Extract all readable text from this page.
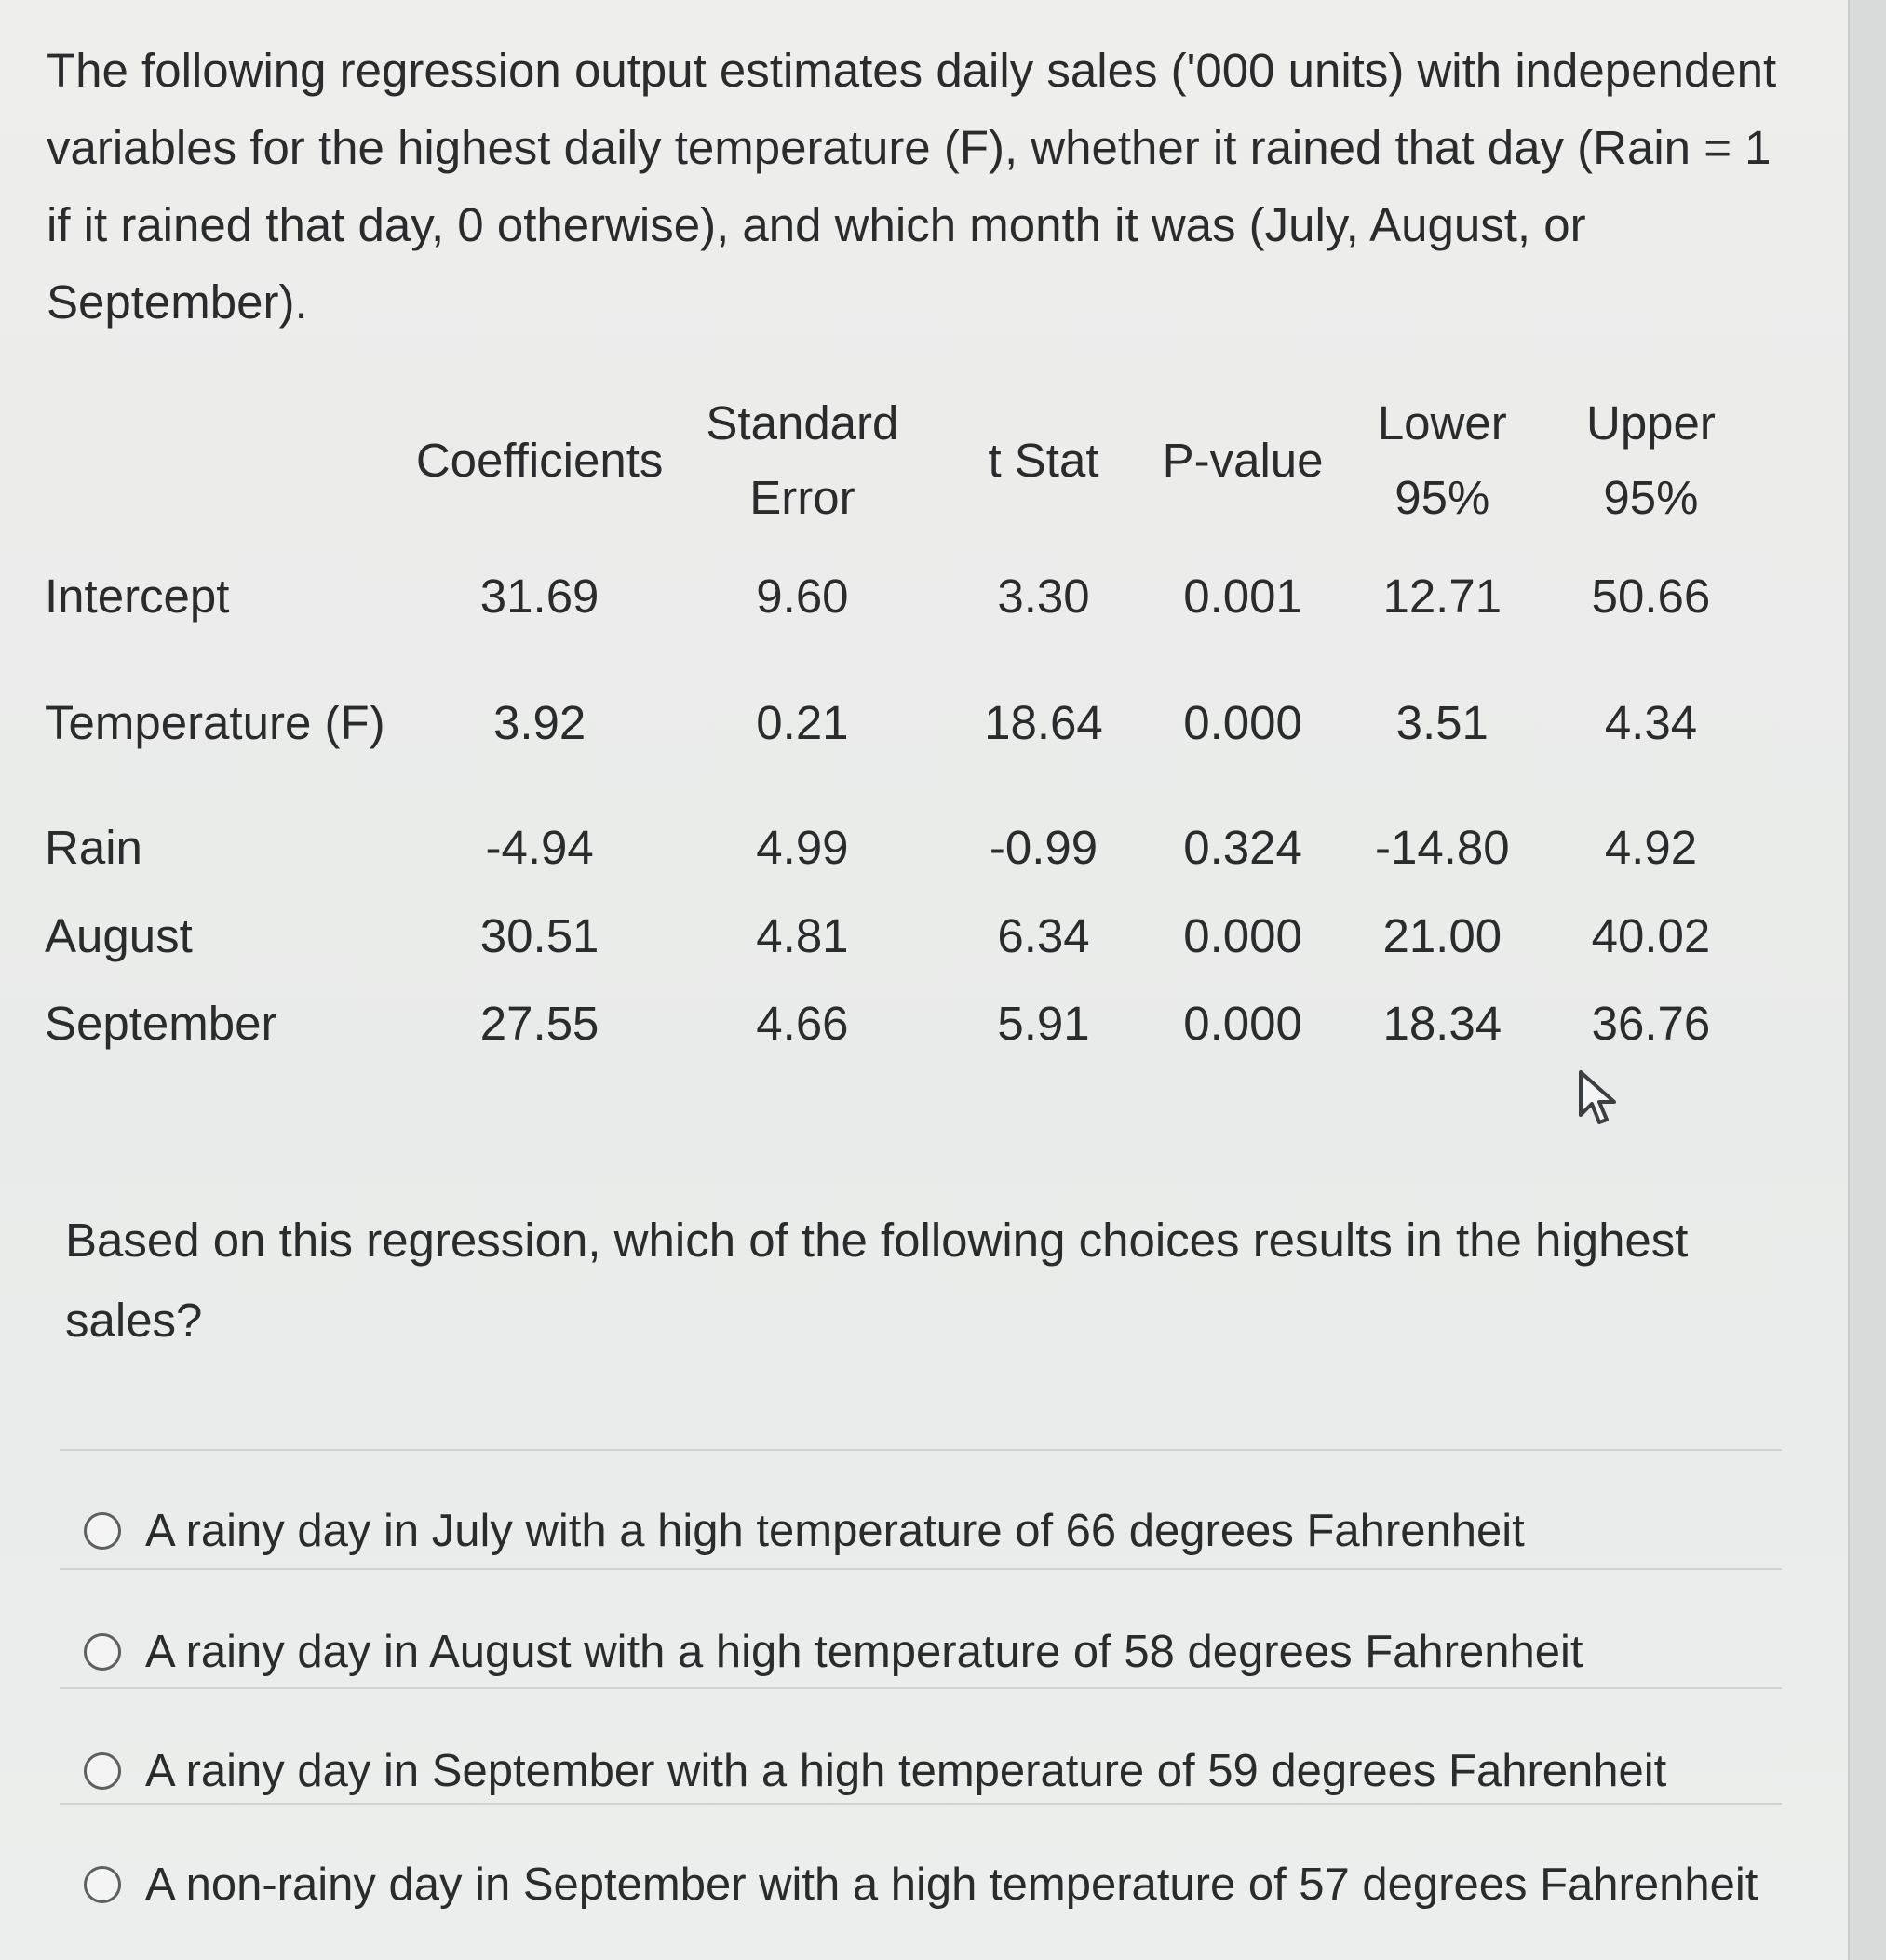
The following regression output estimates daily sales ('000 units) with independent variables for the highest daily temperature (F), whether it rained that day (Rain = 1 if it rained that day, 0 otherwise), and which month it was (July, August, or September).

	Coefficients	Standard Error	t Stat	P-value	Lower 95%	Upper 95%
Intercept	31.69	9.60	3.30	0.001	12.71	50.66
Temperature (F)	3.92	0.21	18.64	0.000	3.51	4.34
Rain	-4.94	4.99	-0.99	0.324	-14.80	4.92
August	30.51	4.81	6.34	0.000	21.00	40.02
September	27.55	4.66	5.91	0.000	18.34	36.76

Based on this regression, which of the following choices results in the highest sales?

A rainy day in July with a high temperature of 66 degrees Fahrenheit
A rainy day in August with a high temperature of 58 degrees Fahrenheit
A rainy day in September with a high temperature of 59 degrees Fahrenheit
A non-rainy day in September with a high temperature of 57 degrees Fahrenheit
